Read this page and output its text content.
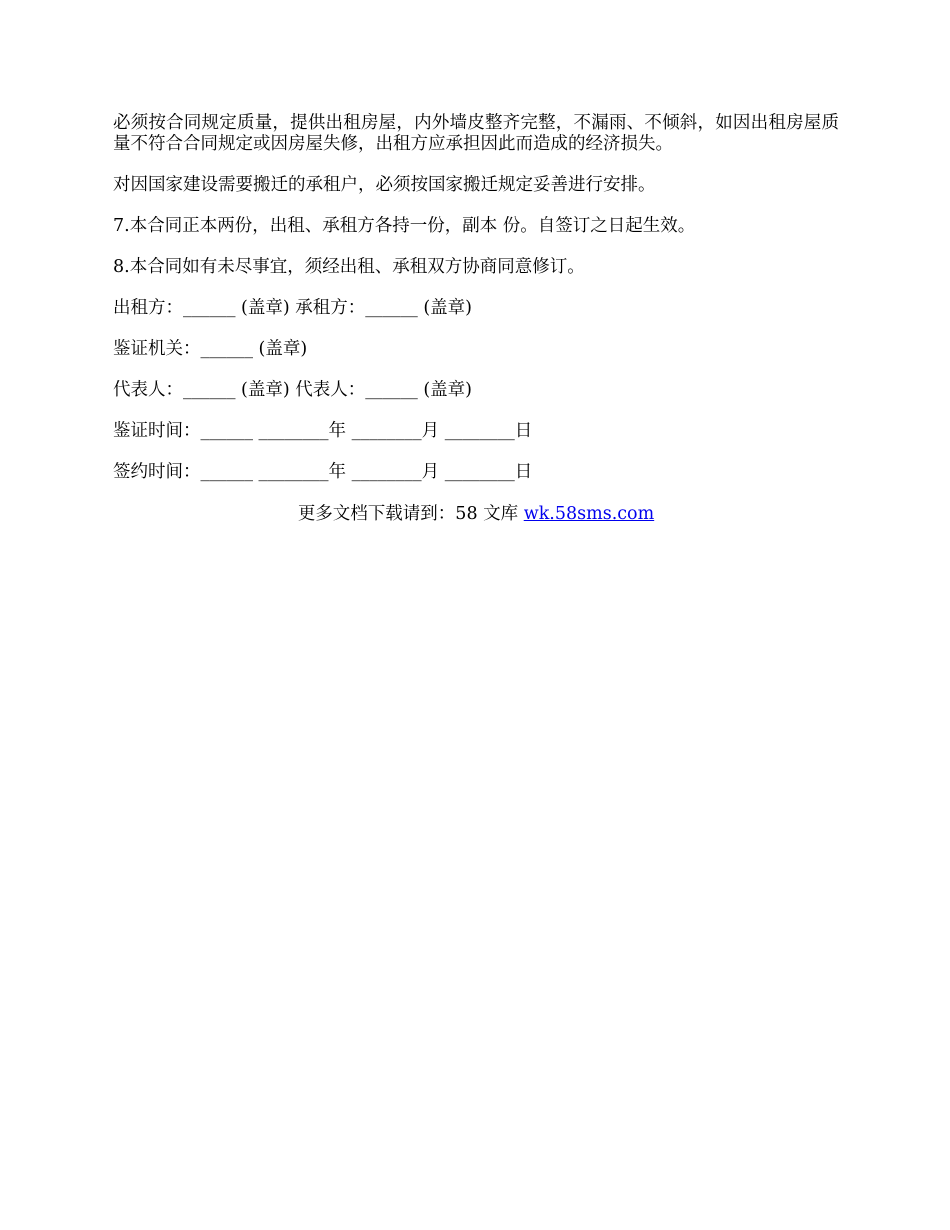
必须按合同规定质量，提供出租房屋，内外墙皮整齐完整，不漏雨、不倾斜，如因出租房屋质量不符合合同规定或因房屋失修，出租方应承担因此而造成的经济损失。

对因国家建设需要搬迁的承租户，必须按国家搬迁规定妥善进行安排。

7.本合同正本两份，出租、承租方各持一份，副本 份。自签订之日起生效。

8.本合同如有未尽事宜，须经出租、承租双方协商同意修订。

出租方：______ (盖章) 承租方：______ (盖章)

鉴证机关：______ (盖章)

代表人：______ (盖章) 代表人：______ (盖章)

鉴证时间：______ ________年 ________月 ________日

签约时间：______ ________年 ________月 ________日

更多文档下载请到：58 文库 wk.58sms.com
